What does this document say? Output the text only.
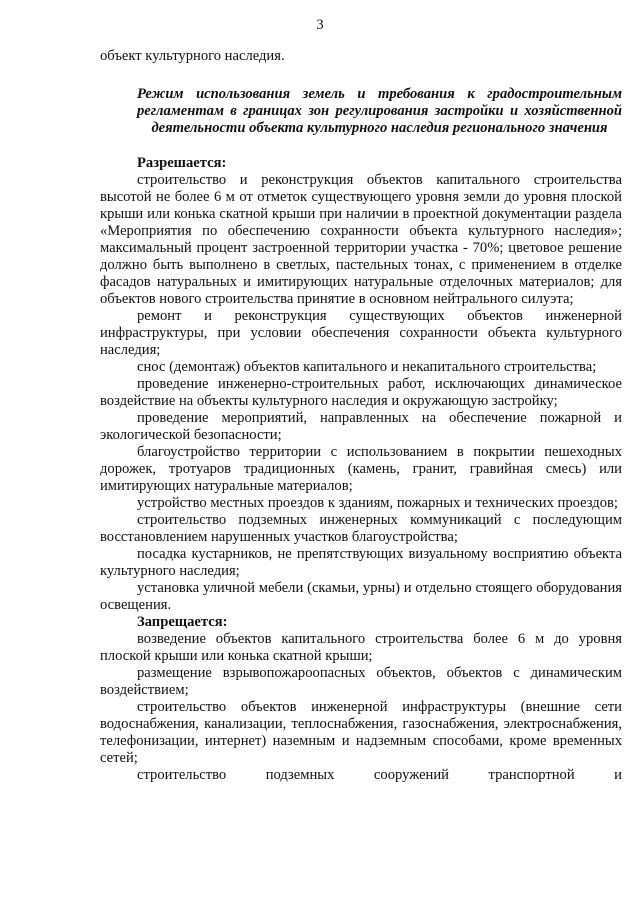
3

объект культурного наследия.

Режим использования земель и требования к градостроительным регламентам в границах зон регулирования застройки и хозяйственной деятельности объекта культурного наследия регионального значения

Разрешается:

строительство и реконструкция объектов капитального строительства высотой не более 6 м от отметок существующего уровня земли до уровня плоской крыши или конька скатной крыши при наличии в проектной документации раздела «Мероприятия по обеспечению сохранности объекта культурного наследия»; максимальный процент застроенной территории участка - 70%; цветовое решение должно быть выполнено в светлых, пастельных тонах, с применением в отделке фасадов натуральных и имитирующих натуральные отделочных материалов; для объектов нового строительства принятие в основном нейтрального силуэта;

ремонт и реконструкция существующих объектов инженерной инфраструктуры, при условии обеспечения сохранности объекта культурного наследия;

снос (демонтаж) объектов капитального и некапитального строительства;

проведение инженерно-строительных работ, исключающих динамическое воздействие на объекты культурного наследия и окружающую застройку;

проведение мероприятий, направленных на обеспечение пожарной и экологической безопасности;

благоустройство территории с использованием в покрытии пешеходных дорожек, тротуаров традиционных (камень, гранит, гравийная смесь) или имитирующих натуральные материалов;

устройство местных проездов к зданиям, пожарных и технических проездов;

строительство подземных инженерных коммуникаций с последующим восстановлением нарушенных участков благоустройства;

посадка кустарников, не препятствующих визуальному восприятию объекта культурного наследия;

установка уличной мебели (скамьи, урны) и отдельно стоящего оборудования освещения.

Запрещается:

возведение объектов капитального строительства более 6 м до уровня плоской крыши или конька скатной крыши;

размещение взрывопожароопасных объектов, объектов с динамическим воздействием;

строительство объектов инженерной инфраструктуры (внешние сети водоснабжения, канализации, теплоснабжения, газоснабжения, электроснабжения, телефонизации, интернет) наземным и надземным способами, кроме временных сетей;

строительство подземных сооружений транспортной и
